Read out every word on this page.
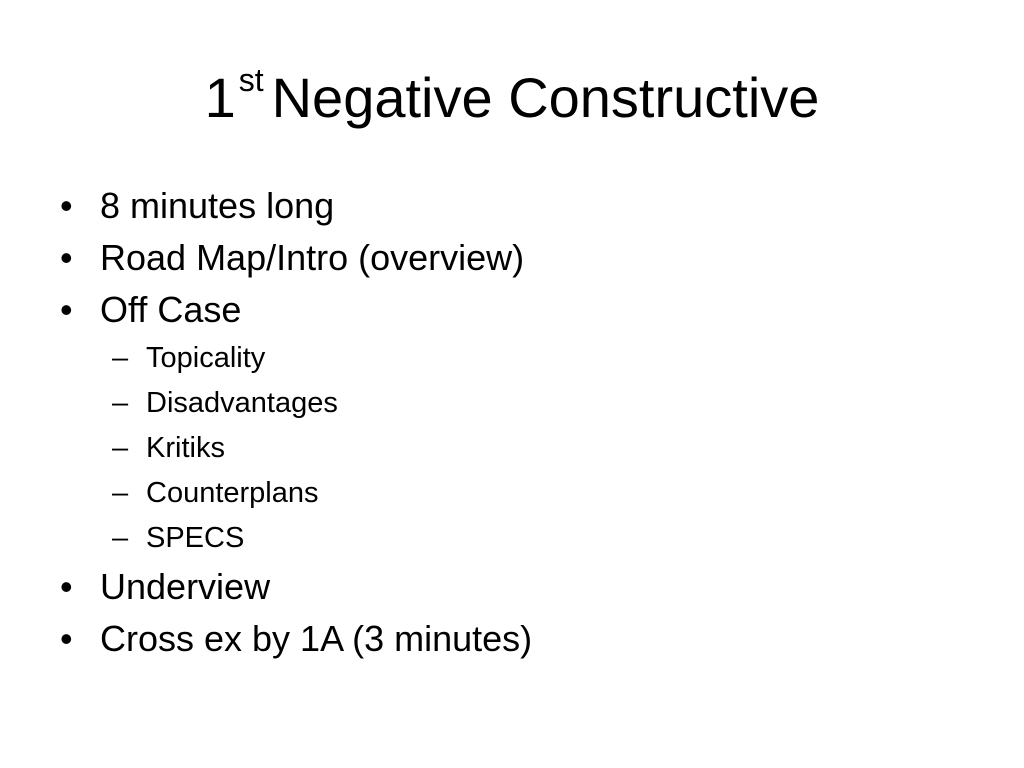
1st Negative Constructive
• 8 minutes long
• Road Map/Intro (overview)
• Off Case
– Topicality
– Disadvantages
– Kritiks
– Counterplans
– SPECS
• Underview
• Cross ex by 1A (3 minutes)
